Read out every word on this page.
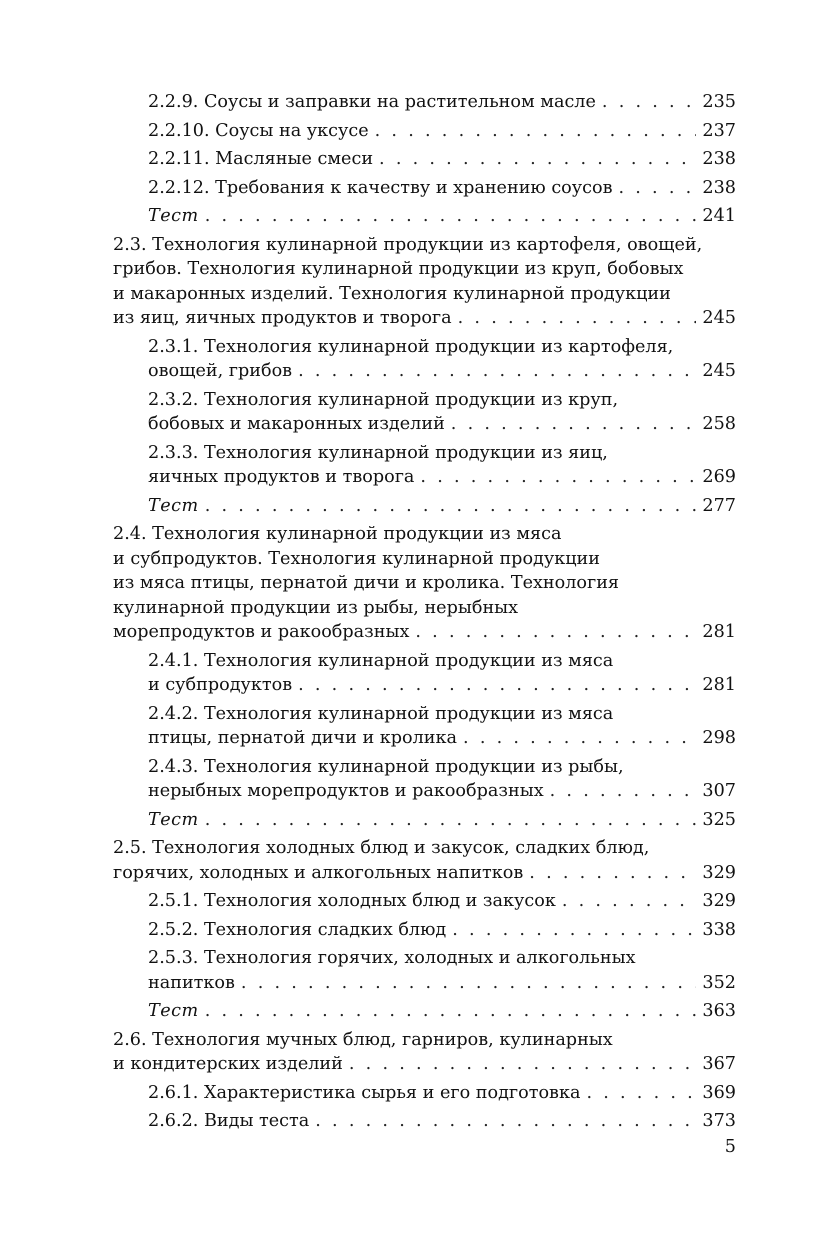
2.2.9. Соусы и заправки на растительном масле . . .	235
2.2.10. Соусы на уксусе . . .	237
2.2.11. Масляные смеси . . .	238
2.2.12. Требования к качеству и хранению соусов . . .	238
Тест . . .	241
2.3. Технология кулинарной продукции из картофеля, овощей,
грибов. Технология кулинарной продукции из круп, бобовых
и макаронных изделий. Технология кулинарной продукции
из яиц, яичных продуктов и творога . . .	245
2.3.1. Технология кулинарной продукции из картофеля,
овощей, грибов . . .	245
2.3.2. Технология кулинарной продукции из круп,
бобовых и макаронных изделий . . .	258
2.3.3. Технология кулинарной продукции из яиц,
яичных продуктов и творога . . .	269
Тест . . .	277
2.4. Технология кулинарной продукции из мяса
и субпродуктов. Технология кулинарной продукции
из мяса птицы, пернатой дичи и кролика. Технология
кулинарной продукции из рыбы, нерыбных
морепродуктов и ракообразных . . .	281
2.4.1. Технология кулинарной продукции из мяса
и субпродуктов . . .	281
2.4.2. Технология кулинарной продукции из мяса
птицы, пернатой дичи и кролика . . .	298
2.4.3. Технология кулинарной продукции из рыбы,
нерыбных морепродуктов и ракообразных . . .	307
Тест . . .	325
2.5. Технология холодных блюд и закусок, сладких блюд,
горячих, холодных и алкогольных напитков . . .	329
2.5.1. Технология холодных блюд и закусок . . .	329
2.5.2. Технология сладких блюд . . .	338
2.5.3. Технология горячих, холодных и алкогольных
напитков . . .	352
Тест . . .	363
2.6. Технология мучных блюд, гарниров, кулинарных
и кондитерских изделий . . .	367
2.6.1. Характеристика сырья и его подготовка . . .	369
2.6.2. Виды теста . . .	373
5
